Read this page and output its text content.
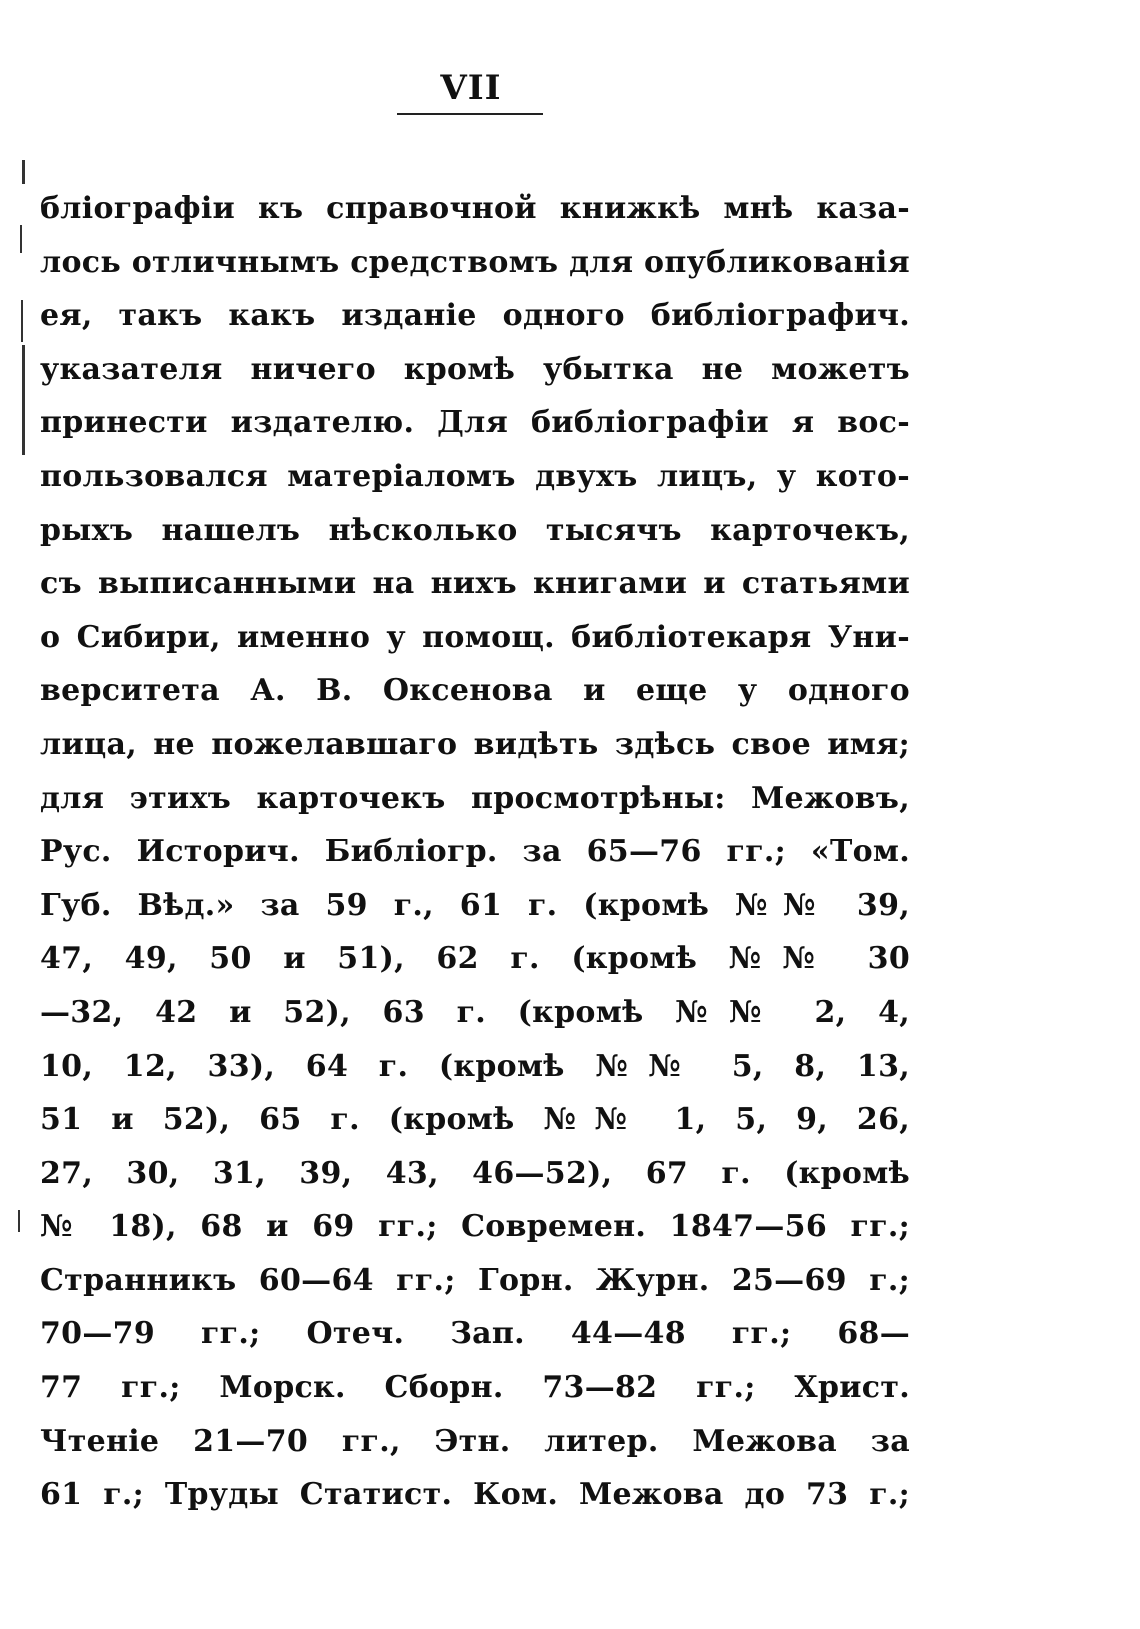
VII
бліографіи къ справочной книжкѣ мнѣ каза-
лось отличнымъ средствомъ для опубликованія
ея, такъ какъ изданіе одного библіографич.
указателя ничего кромѣ убытка не можетъ
принести издателю. Для библіографіи я вос-
пользовался матеріаломъ двухъ лицъ, у кото-
рыхъ нашелъ нѣсколько тысячъ карточекъ,
съ выписанными на нихъ книгами и статьями
о Сибири, именно у помощ. библіотекаря Уни-
верситета А. В. Оксенова и еще у одного
лица, не пожелавшаго видѣть здѣсь свое имя;
для этихъ карточекъ просмотрѣны: Межовъ,
Рус. Историч. Библіогр. за 65—76 гг.; «Том.
Губ. Вѣд.» за 59 г., 61 г. (кромѣ №№ 39,
47, 49, 50 и 51), 62 г. (кромѣ №№ 30
—32, 42 и 52), 63 г. (кромѣ №№ 2, 4,
10, 12, 33), 64 г. (кромѣ №№ 5, 8, 13,
51 и 52), 65 г. (кромѣ №№ 1, 5, 9, 26,
27, 30, 31, 39, 43, 46—52), 67 г. (кромѣ
№ 18), 68 и 69 гг.; Современ. 1847—56 гг.;
Странникъ 60—64 гг.; Горн. Журн. 25—69 г.;
70—79 гг.; Отеч. Зап. 44—48 гг.; 68—
77 гг.; Морск. Сборн. 73—82 гг.; Христ.
Чтеніе 21—70 гг., Этн. литер. Межова за
61 г.; Труды Статист. Ком. Межова до 73 г.;
